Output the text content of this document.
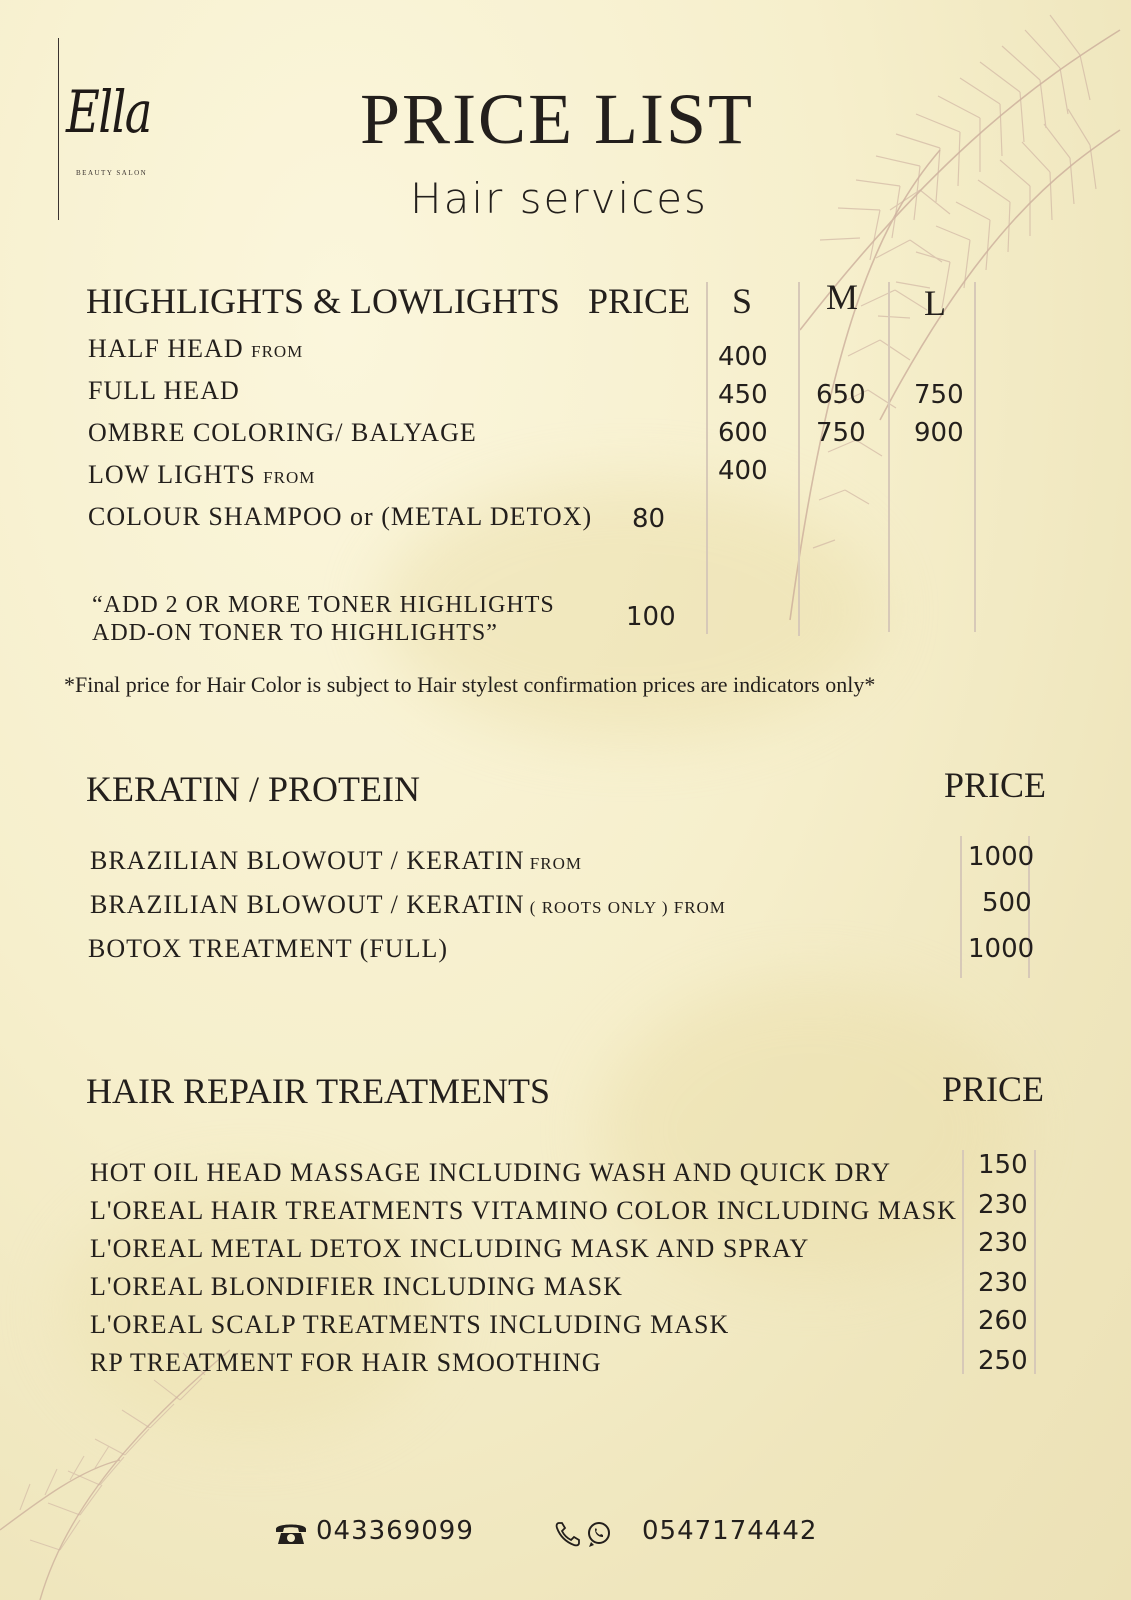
Ella
BEAUTY SALON
PRICE LIST
Hair services
HIGHLIGHTS & LOWLIGHTS PRICE S M L
HALF HEAD FROM	400
FULL HEAD	450 650 750
OMBRE COLORING/ BALYAGE	600 750 900
LOW LIGHTS FROM	400
COLOUR SHAMPOO or (METAL DETOX) 80
“ADD 2 OR MORE TONER HIGHLIGHTS
ADD-ON TONER TO HIGHLIGHTS”
100
*Final price for Hair Color is subject to Hair stylest confirmation prices are indicators only*
KERATIN / PROTEIN	PRICE
BRAZILIAN BLOWOUT / KERATIN FROM	1000
BRAZILIAN BLOWOUT / KERATIN ( ROOTS ONLY ) FROM	500
BOTOX TREATMENT (FULL)	1000
HAIR REPAIR TREATMENTS	PRICE
HOT OIL HEAD MASSAGE INCLUDING WASH AND QUICK DRY	150
L'OREAL HAIR TREATMENTS VITAMINO COLOR INCLUDING MASK 230
L'OREAL METAL DETOX INCLUDING MASK AND SPRAY	230
L'OREAL BLONDIFIER INCLUDING MASK	230
L'OREAL SCALP TREATMENTS INCLUDING MASK	260
RP TREATMENT FOR HAIR SMOOTHING	250
043369099	0547174442
